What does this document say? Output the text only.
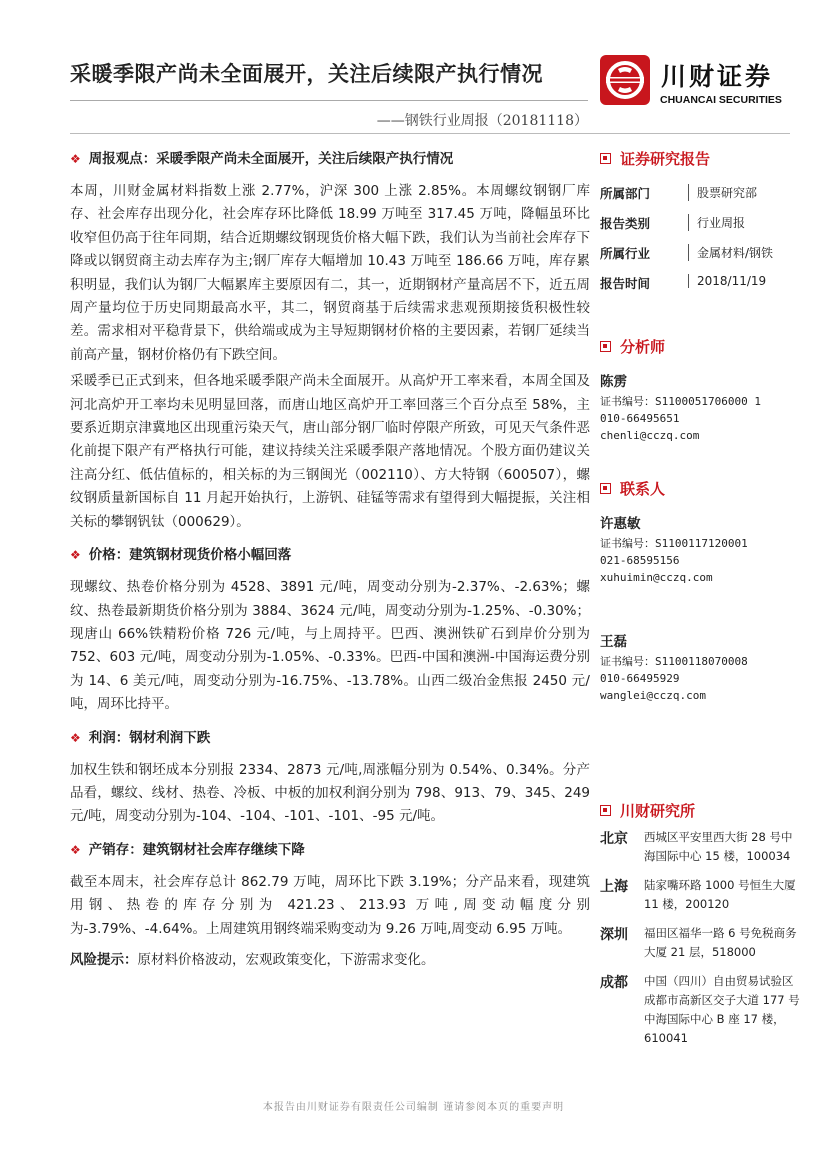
采暖季限产尚未全面展开，关注后续限产执行情况
——钢铁行业周报（20181118）
川财证券
CHUANCAI SECURITIES
❖ 周报观点：采暖季限产尚未全面展开，关注后续限产执行情况

本周，川财金属材料指数上涨 2.77%，沪深 300 上涨 2.85%。本周螺纹钢钢厂库存、社会库存出现分化，社会库存环比降低 18.99 万吨至 317.45 万吨，降幅虽环比收窄但仍高于往年同期，结合近期螺纹钢现货价格大幅下跌，我们认为当前社会库存下降或以钢贸商主动去库存为主;钢厂库存大幅增加 10.43 万吨至 186.66 万吨，库存累积明显，我们认为钢厂大幅累库主要原因有二，其一，近期钢材产量高居不下，近五周周产量均位于历史同期最高水平，其二，钢贸商基于后续需求悲观预期接货积极性较差。需求相对平稳背景下，供给端或成为主导短期钢材价格的主要因素，若钢厂延续当前高产量，钢材价格仍有下跌空间。

采暖季已正式到来，但各地采暖季限产尚未全面展开。从高炉开工率来看，本周全国及河北高炉开工率均未见明显回落，而唐山地区高炉开工率回落三个百分点至 58%，主要系近期京津冀地区出现重污染天气，唐山部分钢厂临时停限产所致，可见天气条件恶化前提下限产有严格执行可能，建议持续关注采暖季限产落地情况。个股方面仍建议关注高分红、低估值标的，相关标的为三钢闽光（002110）、方大特钢（600507），螺纹钢质量新国标自 11 月起开始执行，上游钒、硅锰等需求有望得到大幅提振，关注相关标的攀钢钒钛（000629）。

❖ 价格：建筑钢材现货价格小幅回落

现螺纹、热卷价格分别为 4528、3891 元/吨，周变动分别为-2.37%、-2.63%；螺纹、热卷最新期货价格分别为 3884、3624 元/吨，周变动分别为-1.25%、-0.30%；现唐山 66%铁精粉价格 726 元/吨，与上周持平。巴西、澳洲铁矿石到岸价分别为 752、603 元/吨，周变动分别为-1.05%、-0.33%。巴西-中国和澳洲-中国海运费分别为 14、6 美元/吨，周变动分别为-16.75%、-13.78%。山西二级冶金焦报 2450 元/吨，周环比持平。

❖ 利润：钢材利润下跌

加权生铁和钢坯成本分别报 2334、2873 元/吨,周涨幅分别为 0.54%、0.34%。分产品看，螺纹、线材、热卷、冷板、中板的加权利润分别为 798、913、79、345、249 元/吨，周变动分别为-104、-104、-101、-101、-95 元/吨。

❖ 产销存：建筑钢材社会库存继续下降

截至本周末，社会库存总计 862.79 万吨，周环比下跌 3.19%；分产品来看，现建筑用钢、热卷的库存分别为 421.23、213.93 万吨,周变动幅度分别为-3.79%、-4.64%。上周建筑用钢终端采购变动为 9.26 万吨,周变动 6.95 万吨。

风险提示：原材料价格波动，宏观政策变化，下游需求变化。

证券研究报告
所属部门	股票研究部
报告类别	行业周报
所属行业	金属材料/钢铁
报告时间	2018/11/19
分析师
陈雳
证书编号：S1100051706000 1
010-66495651
chenli@cczq.com
联系人
许惠敏
证书编号：S1100117120001
021-68595156
xuhuimin@cczq.com
王磊
证书编号：S1100118070008
010-66495929
wanglei@cczq.com
川财研究所
北京 西城区平安里西大街 28 号中海国际中心 15 楼，100034
上海 陆家嘴环路 1000 号恒生大厦 11 楼，200120
深圳 福田区福华一路 6 号免税商务大厦 21 层，518000
成都 中国（四川）自由贸易试验区成都市高新区交子大道 177 号中海国际中心 B 座 17 楼，610041
本报告由川财证券有限责任公司编制 谨请参阅本页的重要声明
